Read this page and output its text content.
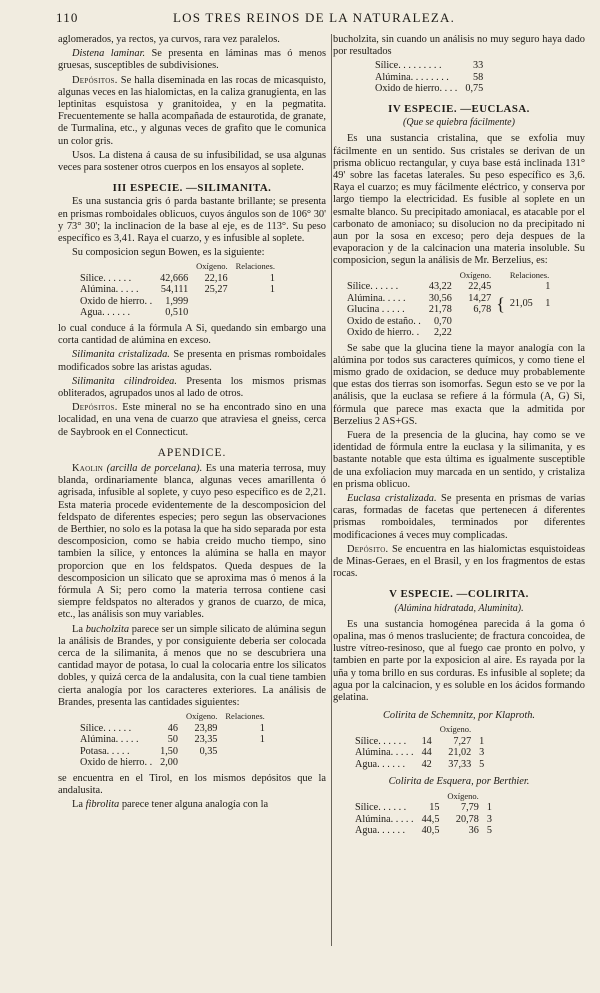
110	LOS TRES REINOS DE LA NATURALEZA.

aglomerados, ya rectos, ya curvos, rara vez paralelos.

Distena laminar. Se presenta en láminas mas ó menos gruesas, susceptibles de subdivisiones.

Depósitos. Se halla diseminada en las rocas de micasquisto, algunas veces en las hialomictas, en la caliza granugienta, en las leptinitas esquistosa y granitoidea, y en la pegmatita. Frecuentemente se halla acompañada de estaurotida, de granate, de Turmalina, etc., y algunas veces de grafito que le comunica un color gris.

Usos. La distena á causa de su infusibilidad, se usa algunas veces para sostener otros cuerpos en los ensayos al soplete.

III ESPECIE. —SILIMANITA.

Es una sustancia gris ó parda bastante brillante; se presenta en prismas romboidales oblicuos, cuyos ángulos son de 106° 30' y 73° 30'; la inclinacion de la base al eje, es de 113°. Su peso específico es 3,41. Raya el cuarzo, y es infusible al soplete.

Su composicion segun Bowen, es la siguiente:

		Oxígeno.	Relaciones.
Sílice. . . . . .	42,666	22,16	1
Alúmina. . . . .	54,111	25,27	1
Oxido de hierro. .	1,999		
Agua. . . . . .	0,510		

lo cual conduce á la fórmula A Si, quedando sin embargo una corta cantidad de alúmina en exceso.

Silimanita cristalizada. Se presenta en prismas romboidales modificados sobre las aristas agudas.

Silimanita cilindroidea. Presenta los mismos prismas obliterados, agrupados unos al lado de otros.

Depósitos. Este mineral no se ha encontrado sino en una localidad, en una vena de cuarzo que atraviesa el gneiss, cerca de Saybrook en el Connecticut.

APENDICE.

Kaolin (arcilla de porcelana). Es una materia terrosa, muy blanda, ordinariamente blanca, algunas veces amarillenta ó agrisada, infusible al soplete, y cuyo peso específico es de 2,21. Esta materia procede evidentemente de la descomposicion del feldspato de diferentes especies; pero segun las observaciones de Berthier, no solo es la potasa la que ha sido separada por esta descomposicion, como se habia creido mucho tiempo, sino tambien la sílice, y entonces la alúmina se halla en mayor proporcion que en los feldspatos. Queda despues de la descomposicion un silicato que se aproxima mas ó menos á la fórmula A Si; pero como la materia terrosa contiene casi siempre feldspatos no alterados y granos de cuarzo, de mica, etc., las análisis son muy variables.

La bucholzita parece ser un simple silicato de alúmina segun la análisis de Brandes, y por consiguiente deberia ser colocada cerca de la silimanita, á menos que no se descubriera una cantidad mayor de potasa, lo cual la colocaria entre los silicatos dobles, y quizá cerca de la andalusita, con la cual tiene tambien cierta analogía por los caracteres exteriores. La análisis de Brandes, presenta las cantidades siguientes:

		Oxígeno.	Relaciones.
Sílice. . . . . .	46	23,89	1
Alúmina. . . . .	50	23,35	1
Potasa. . . . .	1,50	0,35	
Oxido de hierro. .	2,00		

se encuentra en el Tirol, en los mismos depósitos que la andalusita.

La fibrolita parece tener alguna analogía con la

bucholzita, sin cuando un análisis no muy seguro haya dado por resultados

Sílice. . . . . . . . .	33
Alúmina. . . . . . . .	58
Oxido de hierro. . . .	0,75
IV ESPECIE. —EUCLASA.
(Que se quiebra fácilmente)

Es una sustancia cristalina, que se exfolia muy fácilmente en un sentido. Sus cristales se derivan de un prisma oblicuo rectangular, y cuya base está inclinada 131° 49' sobre las facetas laterales. Su peso específico es 3,6. Raya el cuarzo; es muy fácilmente eléctrico, y conserva por largo tiempo la electricidad. Es fusible al soplete en un esmalte blanco. Su precipitado amoniacal, es atacable por el carbonato de amoniaco; su disolucion no da precipitado ni aun por la sosa en exceso; pero deja despues de la evaporacion y de la calcinacion una materia insoluble. Su composicion, segun la análisis de Mr. Berzelius, es:

		Oxígeno.		Relaciones.
Sílice. . . . . .	43,22	22,45		1
Alúmina. . . . .	30,56	14,27	{	21,05 1
Glucina . . . . .	21,78	6,78		
Oxido de estaño. .	0,70			
Oxido de hierro. .	2,22			

Se sabe que la glucina tiene la mayor analogía con la alúmina por todos sus caracteres químicos, y como tiene el mismo grado de oxidacion, se deduce muy probablemente que estas dos tierras son isomorfas. Segun esto se ve por la análisis, que la euclasa se refiere á la fórmula (A, G) Si, fórmula que parece mas exacta que la admitida por Berzelius 2 AS+GS.

Fuera de la presencia de la glucina, hay como se ve identidad de fórmula entre la euclasa y la silimanita, y es bastante notable que esta última es igualmente susceptible de una exfoliacion muy marcada en un sentido, y cristaliza en prisma oblicuo.

Euclasa cristalizada. Se presenta en prismas de varias caras, formadas de facetas que pertenecen á diferentes prismas romboidales, terminados por diferentes modificaciones á veces muy complicadas.

Depósito. Se encuentra en las hialomictas esquistoideas de Minas-Geraes, en el Brasil, y en los fragmentos de estas rocas.

V ESPECIE. —COLIRITA.
(Alúmina hidratada, Aluminita).

Es una sustancia homogénea parecida á la goma ó opalina, mas ó menos trasluciente; de fractura concoidea, de lustre vítreo-resinoso, que al fuego cae pronto en polvo, y tambien en parte por la exposicion al aire. Es rayada por la uña y toma brillo en sus corduras. Es infusible al soplete; da agua por la calcinacion, y es soluble en los ácidos formando gelatina.

Colirita de Schemnitz, por Klaproth.
		Oxígeno.	
Sílice. . . . . .	14	7,27	1
Alúmina. . . . .	44	21,02	3
Agua. . . . . .	42	37,33	5
Colirita de Esquera, por Berthier.
		Oxígeno.	
Sílice. . . . . .	15	7,79	1
Alúmina. . . . .	44,5	20,78	3
Agua. . . . . .	40,5	36	5
